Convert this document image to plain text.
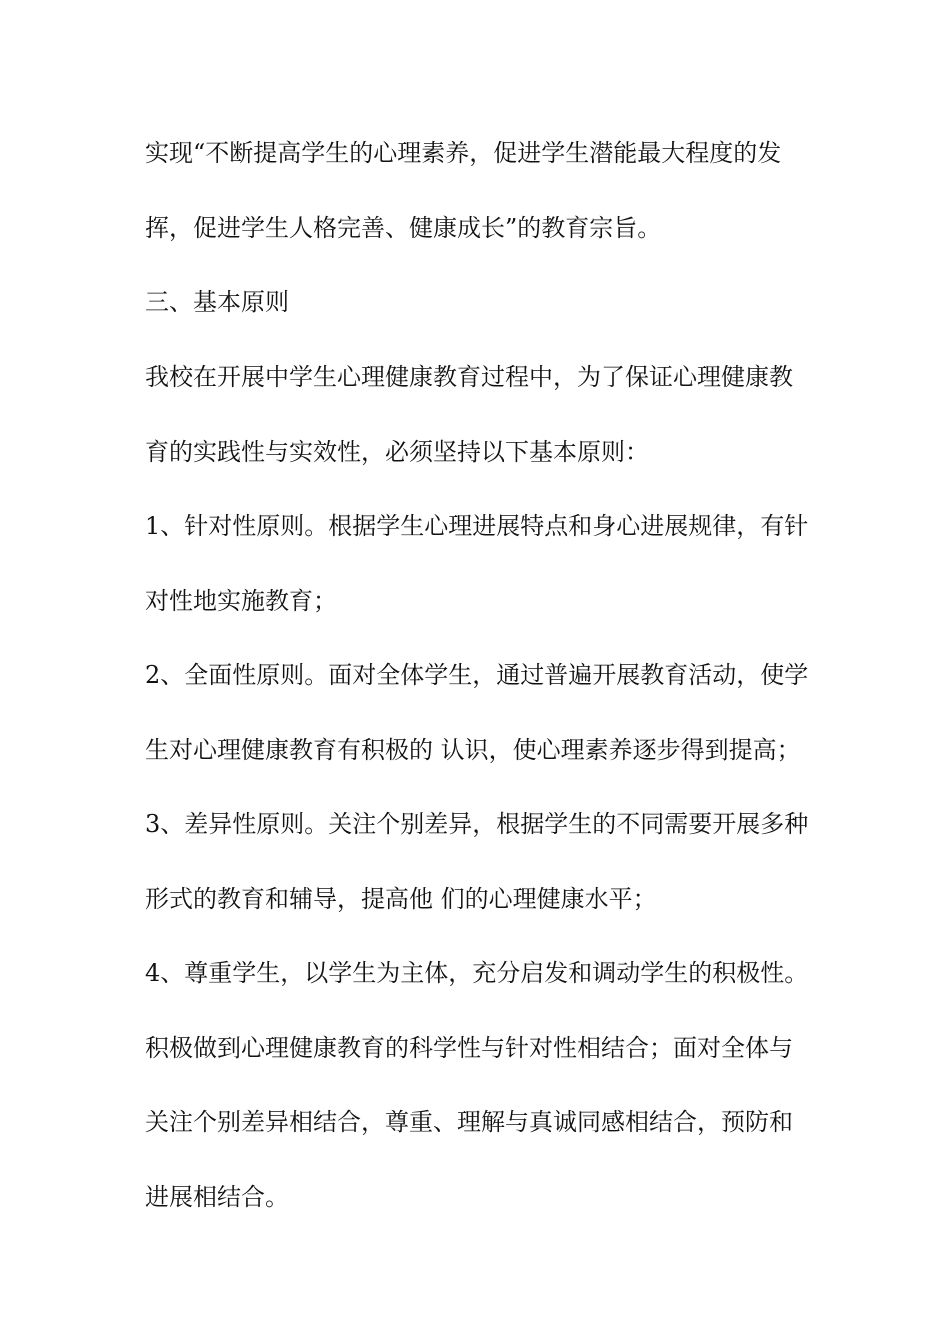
实现“不断提高学生的心理素养，促进学生潜能最大程度的发
挥，促进学生人格完善、健康成长”的教育宗旨。
三、基本原则
我校在开展中学生心理健康教育过程中，为了保证心理健康教
育的实践性与实效性，必须坚持以下基本原则：
1、针对性原则。根据学生心理进展特点和身心进展规律，有针
对性地实施教育；
2、全面性原则。面对全体学生，通过普遍开展教育活动，使学
生对心理健康教育有积极的 认识，使心理素养逐步得到提高；
3、差异性原则。关注个别差异，根据学生的不同需要开展多种
形式的教育和辅导，提高他 们的心理健康水平；
4、尊重学生，以学生为主体，充分启发和调动学生的积极性。
积极做到心理健康教育的科学性与针对性相结合；面对全体与
关注个别差异相结合，尊重、理解与真诚同感相结合，预防和
进展相结合。
